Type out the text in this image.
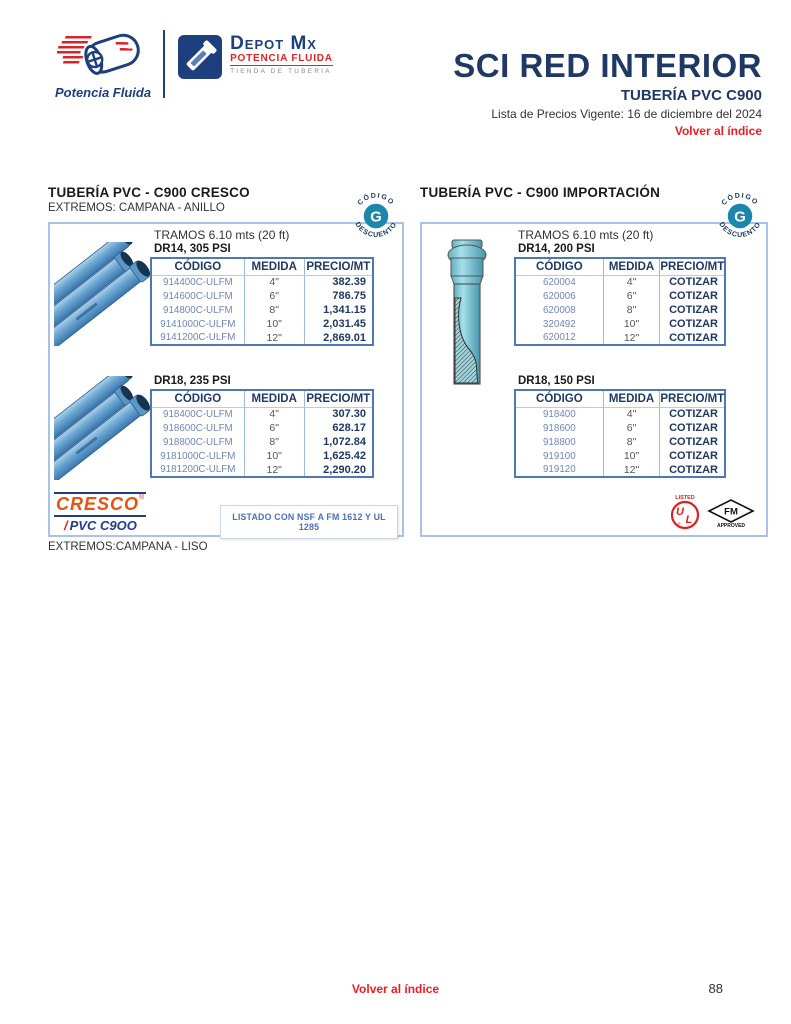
Potencia Fluida
Depot Mx
POTENCIA FLUIDA
TIENDA DE TUBERIA	SCI RED INTERIOR
TUBERÍA PVC C900
Lista de Precios Vigente: 16 de diciembre del 2024
Volver al índice
TUBERÍA PVC - C900 CRESCO
EXTREMOS: CAMPANA - ANILLO
G
CÓDIGO
DESCUENTO
TRAMOS 6.10 mts (20 ft)
DR14, 305 PSI
CÓDIGO	MEDIDA	PRECIO/MT
914400C-ULFM	4"	382.39
914600C-ULFM	6"	786.75
914800C-ULFM	8"	1,341.15
9141000C-ULFM	10"	2,031.45
9141200C-ULFM	12"	2,869.01
DR18, 235 PSI
CÓDIGO	MEDIDA	PRECIO/MT
918400C-ULFM	4"	307.30
918600C-ULFM	6"	628.17
918800C-ULFM	8"	1,072.84
9181000C-ULFM	10"	1,625.42
9181200C-ULFM	12"	2,290.20
CRESCO®
/ PVC C9OO
LISTADO CON NSF A FM 1612 Y UL 1285
EXTREMOS:CAMPANA - LISO
TUBERÍA PVC - C900 IMPORTACIÓN
G
CÓDIGO
DESCUENTO
TRAMOS 6.10 mts (20 ft)
DR14, 200 PSI
CÓDIGO	MEDIDA	PRECIO/MT
620004	4"	COTIZAR
620006	6"	COTIZAR
620008	8"	COTIZAR
320492	10"	COTIZAR
620012	12"	COTIZAR
DR18, 150 PSI
CÓDIGO	MEDIDA	PRECIO/MT
918400	4"	COTIZAR
918600	6"	COTIZAR
918800	8"	COTIZAR
919100	10"	COTIZAR
919120	12"	COTIZAR
LISTED
U
L
®
FM
APPROVED
Volver al índice	88
